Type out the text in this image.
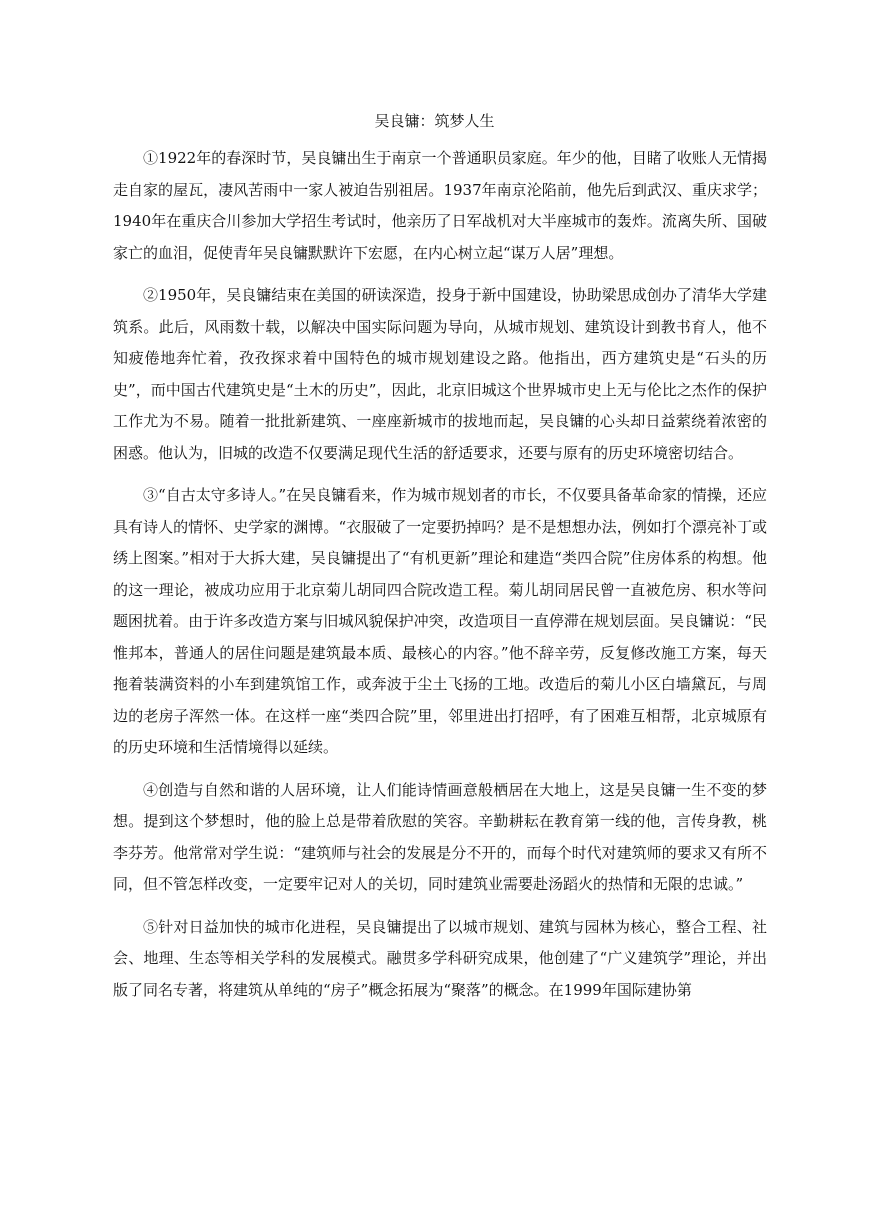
吴良镛：筑梦人生

①1922年的春深时节，吴良镛出生于南京一个普通职员家庭。年少的他，目睹了收账人无情揭走自家的屋瓦，凄风苦雨中一家人被迫告别祖居。1937年南京沦陷前，他先后到武汉、重庆求学；1940年在重庆合川参加大学招生考试时，他亲历了日军战机对大半座城市的轰炸。流离失所、国破家亡的血泪，促使青年吴良镛默默许下宏愿，在内心树立起“谋万人居”理想。

②1950年，吴良镛结束在美国的研读深造，投身于新中国建设，协助梁思成创办了清华大学建筑系。此后，风雨数十载，以解决中国实际问题为导向，从城市规划、建筑设计到教书育人，他不知疲倦地奔忙着，孜孜探求着中国特色的城市规划建设之路。他指出，西方建筑史是“石头的历史”，而中国古代建筑史是“土木的历史”，因此，北京旧城这个世界城市史上无与伦比之杰作的保护工作尤为不易。随着一批批新建筑、一座座新城市的拔地而起，吴良镛的心头却日益萦绕着浓密的困惑。他认为，旧城的改造不仅要满足现代生活的舒适要求，还要与原有的历史环境密切结合。

③“自古太守多诗人。”在吴良镛看来，作为城市规划者的市长，不仅要具备革命家的情操，还应具有诗人的情怀、史学家的渊博。“衣服破了一定要扔掉吗？是不是想想办法，例如打个漂亮补丁或绣上图案。”相对于大拆大建，吴良镛提出了“有机更新”理论和建造“类四合院”住房体系的构想。他的这一理论，被成功应用于北京菊儿胡同四合院改造工程。菊儿胡同居民曾一直被危房、积水等问题困扰着。由于许多改造方案与旧城风貌保护冲突，改造项目一直停滞在规划层面。吴良镛说：“民惟邦本，普通人的居住问题是建筑最本质、最核心的内容。”他不辞辛劳，反复修改施工方案，每天拖着装满资料的小车到建筑馆工作，或奔波于尘土飞扬的工地。改造后的菊儿小区白墙黛瓦，与周边的老房子浑然一体。在这样一座“类四合院”里，邻里进出打招呼，有了困难互相帮，北京城原有的历史环境和生活情境得以延续。

④创造与自然和谐的人居环境，让人们能诗情画意般栖居在大地上，这是吴良镛一生不变的梦想。提到这个梦想时，他的脸上总是带着欣慰的笑容。辛勤耕耘在教育第一线的他，言传身教，桃李芬芳。他常常对学生说：“建筑师与社会的发展是分不开的，而每个时代对建筑师的要求又有所不同，但不管怎样改变，一定要牢记对人的关切，同时建筑业需要赴汤蹈火的热情和无限的忠诚。”

⑤针对日益加快的城市化进程，吴良镛提出了以城市规划、建筑与园林为核心，整合工程、社会、地理、生态等相关学科的发展模式。融贯多学科研究成果，他创建了“广义建筑学”理论，并出版了同名专著，将建筑从单纯的“房子”概念拓展为“聚落”的概念。在1999年国际建协第
